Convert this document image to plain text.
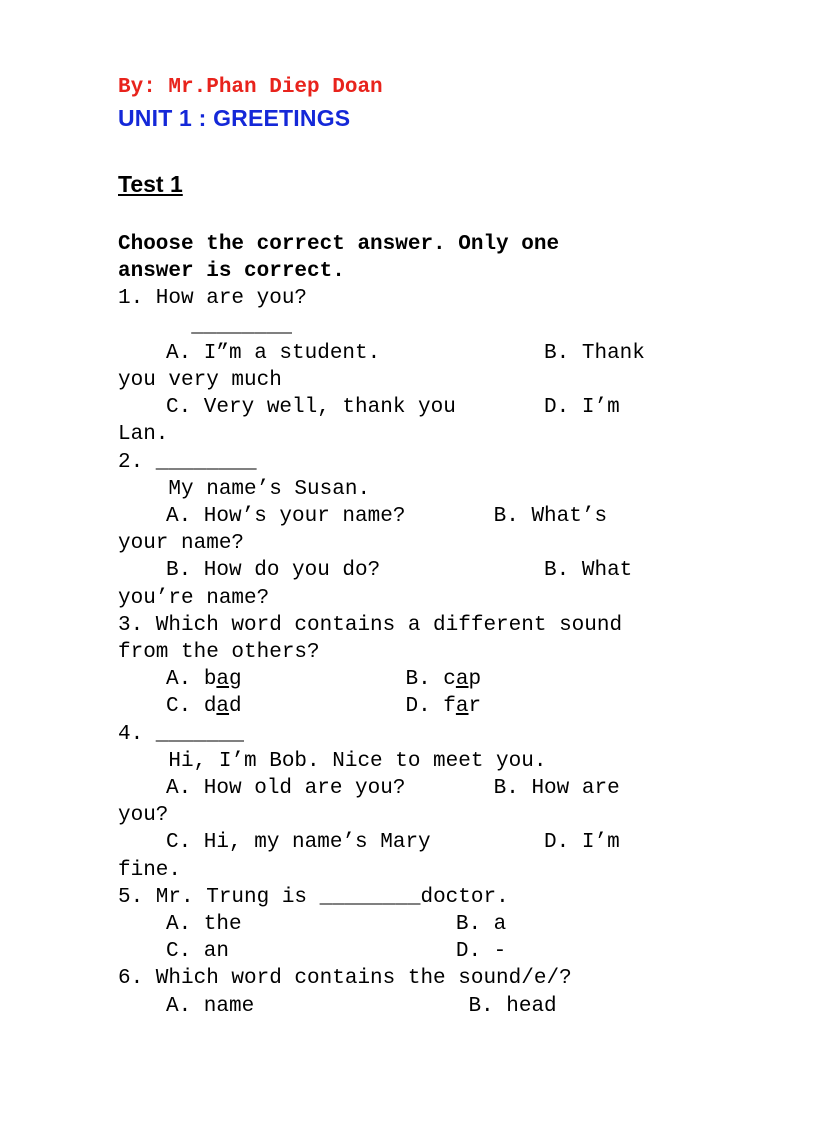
By: Mr.Phan Diep Doan

UNIT 1 : GREETINGS

Test 1

Choose the correct answer. Only one

answer is correct.

1. How are you?

________

A. I”m a student.             B. Thank

you very much

C. Very well, thank you       D. I’m

Lan.

2. ________

My name’s Susan.

A. How’s your name?       B. What’s

your name?

B. How do you do?             B. What

you’re name?

3. Which word contains a different sound

from the others?

A. bag	B. cap

C. dad	D. far

4. _______

Hi, I’m Bob. Nice to meet you.

A. How old are you?       B. How are

you?

C. Hi, my name’s Mary         D. I’m

fine.

5. Mr. Trung is ________doctor.

A. the                 B. a

C. an                  D. -

6. Which word contains the sound/e/?

A. name                 B. head
